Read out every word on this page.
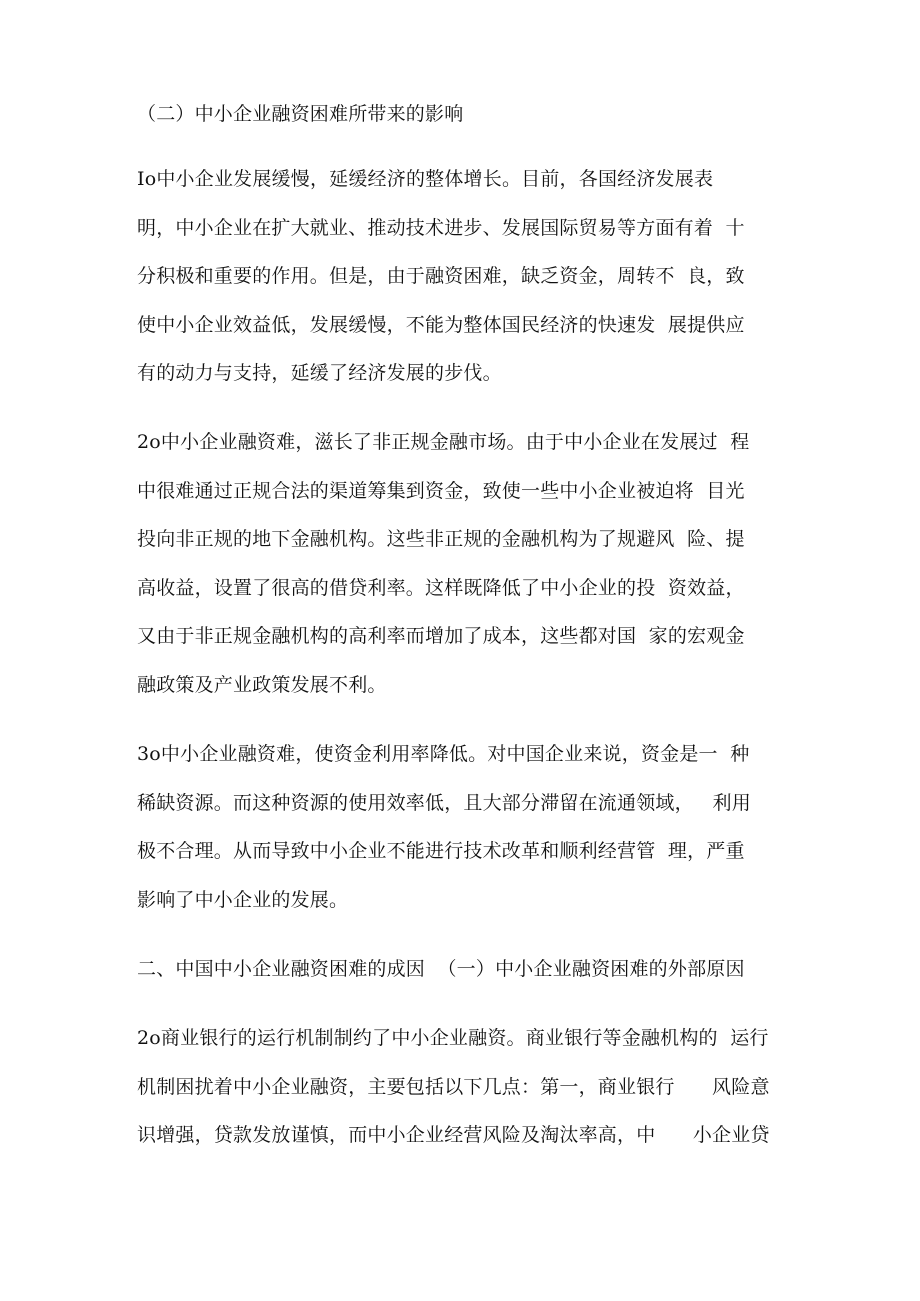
（二）中小企业融资困难所带来的影响
Io中小企业发展缓慢，延缓经济的整体增长。目前，各国经济发展表
明，中小企业在扩大就业、推动技术进步、发展国际贸易等方面有着  十
分积极和重要的作用。但是，由于融资困难，缺乏资金，周转不  良，致
使中小企业效益低，发展缓慢，不能为整体国民经济的快速发  展提供应
有的动力与支持，延缓了经济发展的步伐。
2o中小企业融资难，滋长了非正规金融市场。由于中小企业在发展过  程
中很难通过正规合法的渠道筹集到资金，致使一些中小企业被迫将  目光
投向非正规的地下金融机构。这些非正规的金融机构为了规避风  险、提
高收益，设置了很高的借贷利率。这样既降低了中小企业的投  资效益，
又由于非正规金融机构的高利率而增加了成本，这些都对国  家的宏观金
融政策及产业政策发展不利。
3o中小企业融资难，使资金利用率降低。对中国企业来说，资金是一  种
稀缺资源。而这种资源的使用效率低，且大部分滞留在流通领域，   利用
极不合理。从而导致中小企业不能进行技术改革和顺利经营管  理，严重
影响了中小企业的发展。
二、中国中小企业融资困难的成因  （一）中小企业融资困难的外部原因
2o商业银行的运行机制制约了中小企业融资。商业银行等金融机构的  运行
机制困扰着中小企业融资，主要包括以下几点：第一，商业银行      风险意
识增强，贷款发放谨慎，而中小企业经营风险及淘汰率高，中      小企业贷
